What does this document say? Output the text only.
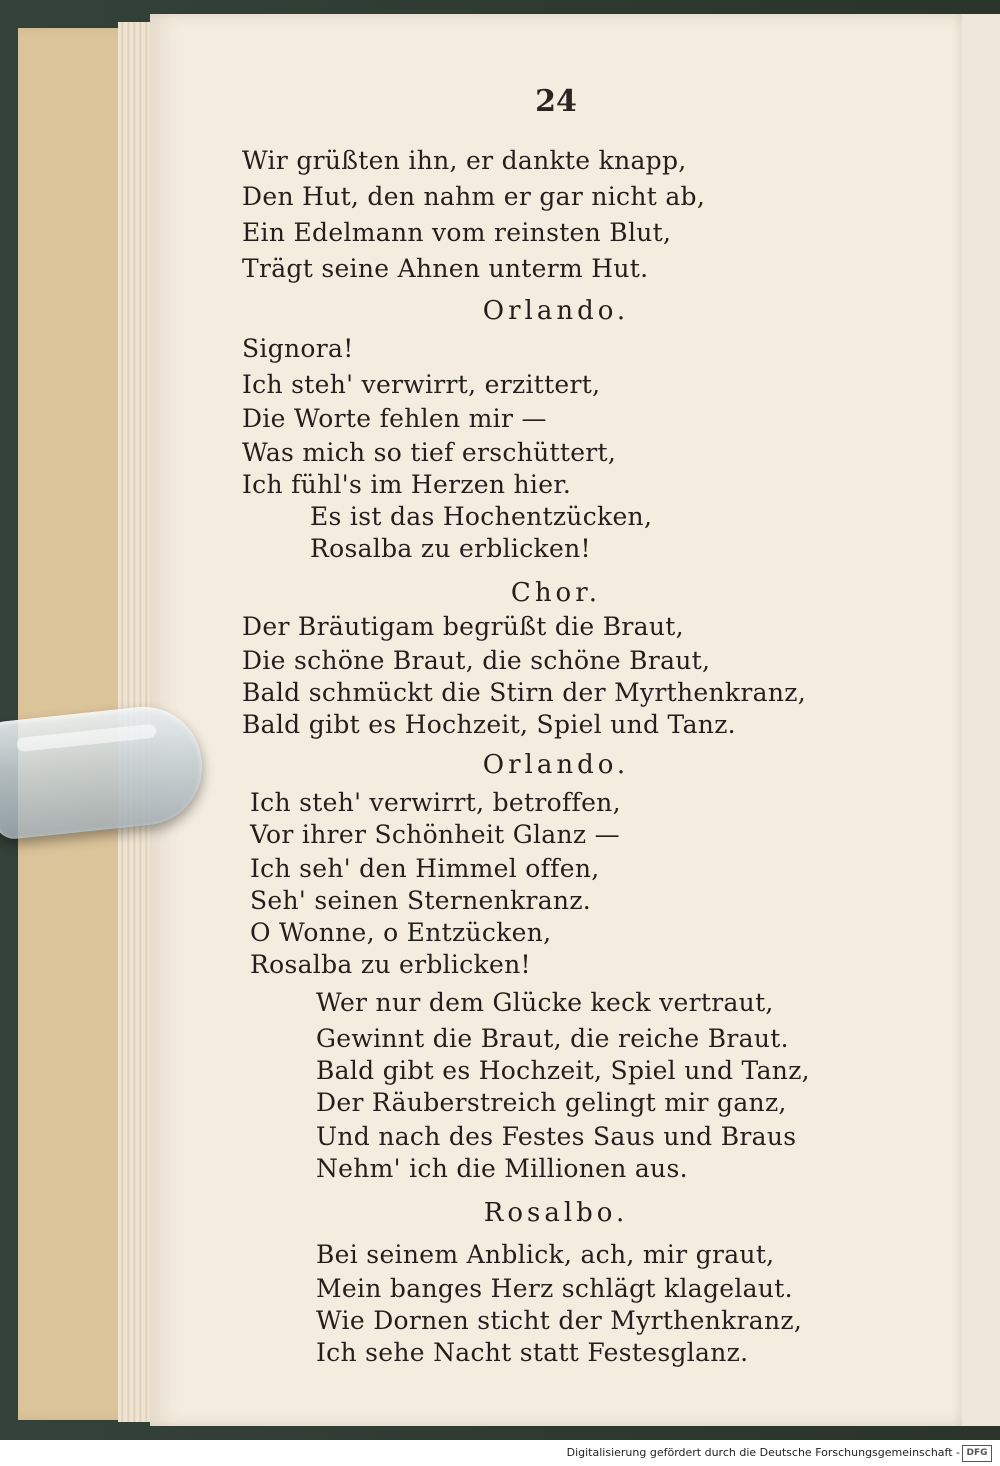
24
Wir grüßten ihn, er dankte knapp,
Den Hut, den nahm er gar nicht ab,
Ein Edelmann vom reinsten Blut,
Trägt seine Ahnen unterm Hut.
Orlando.
Signora!
Ich steh' verwirrt, erzittert,
Die Worte fehlen mir —
Was mich so tief erschüttert,
Ich fühl's im Herzen hier.
Es ist das Hochentzücken,
Rosalba zu erblicken!
Chor.
Der Bräutigam begrüßt die Braut,
Die schöne Braut, die schöne Braut,
Bald schmückt die Stirn der Myrthenkranz,
Bald gibt es Hochzeit, Spiel und Tanz.
Orlando.
Ich steh' verwirrt, betroffen,
Vor ihrer Schönheit Glanz —
Ich seh' den Himmel offen,
Seh' seinen Sternenkranz.
O Wonne, o Entzücken,
Rosalba zu erblicken!
Wer nur dem Glücke keck vertraut,
Gewinnt die Braut, die reiche Braut.
Bald gibt es Hochzeit, Spiel und Tanz,
Der Räuberstreich gelingt mir ganz,
Und nach des Festes Saus und Braus
Nehm' ich die Millionen aus.
Rosalbo.
Bei seinem Anblick, ach, mir graut,
Mein banges Herz schlägt klagelaut.
Wie Dornen sticht der Myrthenkranz,
Ich sehe Nacht statt Festesglanz.
Digitalisierung gefördert durch die Deutsche Forschungsgemeinschaft - DFG
